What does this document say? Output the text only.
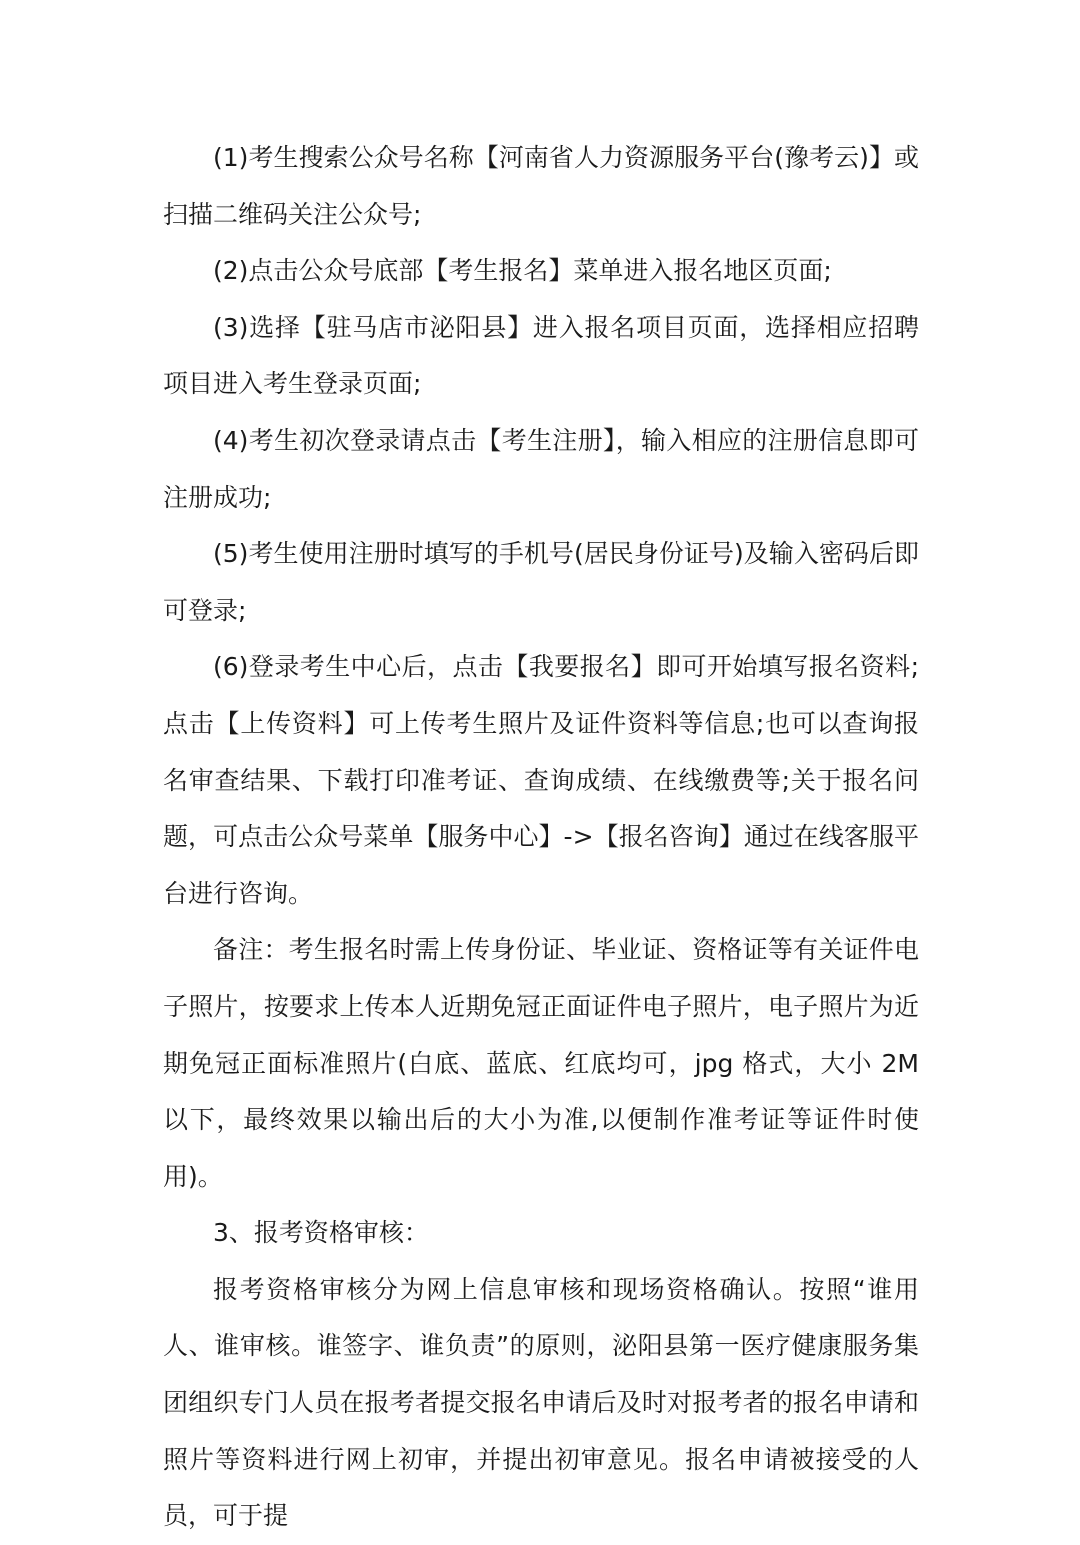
(1)考生搜索公众号名称【河南省人力资源服务平台(豫考云)】或扫描二维码关注公众号;

(2)点击公众号底部【考生报名】菜单进入报名地区页面;

(3)选择【驻马店市泌阳县】进入报名项目页面，选择相应招聘项目进入考生登录页面;

(4)考生初次登录请点击【考生注册】，输入相应的注册信息即可注册成功;

(5)考生使用注册时填写的手机号(居民身份证号)及输入密码后即可登录;

(6)登录考生中心后，点击【我要报名】即可开始填写报名资料;点击【上传资料】可上传考生照片及证件资料等信息;也可以查询报名审查结果、下载打印准考证、查询成绩、在线缴费等;关于报名问题，可点击公众号菜单【服务中心】->【报名咨询】通过在线客服平台进行咨询。

备注：考生报名时需上传身份证、毕业证、资格证等有关证件电子照片，按要求上传本人近期免冠正面证件电子照片，电子照片为近期免冠正面标准照片(白底、蓝底、红底均可，jpg 格式，大小 2M 以下，最终效果以输出后的大小为准,以便制作准考证等证件时使用)。

3、报考资格审核：

报考资格审核分为网上信息审核和现场资格确认。按照“谁用人、谁审核。谁签字、谁负责”的原则，泌阳县第一医疗健康服务集团组织专门人员在报考者提交报名申请后及时对报考者的报名申请和照片等资料进行网上初审，并提出初审意见。报名申请被接受的人员，可于提
